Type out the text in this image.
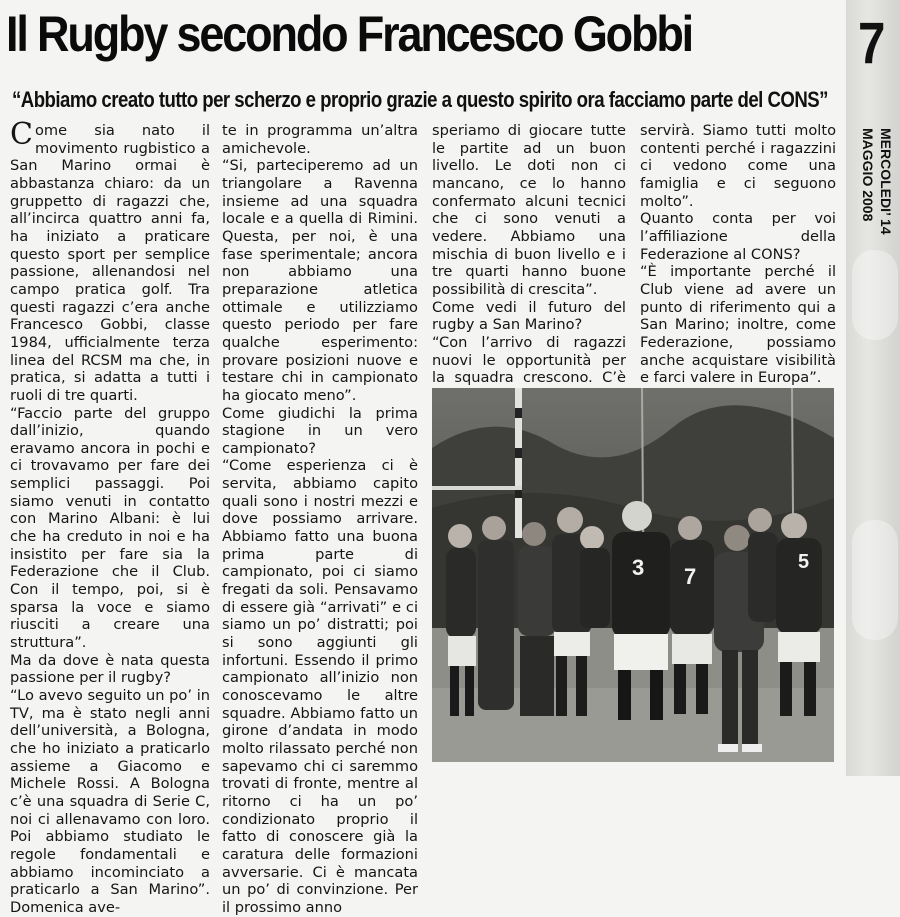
Il Rugby secondo Francesco Gobbi	7
MERCOLEDI’ 14
MAGGIO 2008
“Abbiamo creato tutto per scherzo e proprio grazie a questo spirito ora facciamo parte del CONS”

Come sia nato il movimento rugbistico a San Marino ormai è abbastanza chiaro: da un gruppetto di ragazzi che, all’incirca quattro anni fa, ha iniziato a praticare questo sport per semplice passione, allenandosi nel campo pratica golf. Tra questi ragazzi c’era anche Francesco Gobbi, classe 1984, ufficialmente terza linea del RCSM ma che, in pratica, si adatta a tutti i ruoli di tre quarti.

“Faccio parte del gruppo dall’inizio, quando eravamo ancora in pochi e ci trovavamo per fare dei semplici passaggi. Poi siamo venuti in contatto con Marino Albani: è lui che ha creduto in noi e ha insistito per fare sia la Federazione che il Club. Con il tempo, poi, si è sparsa la voce e siamo riusciti a creare una struttura”.

Ma da dove è nata questa passione per il rugby?

“Lo avevo seguito un po’ in TV, ma è stato negli anni dell’università, a Bologna, che ho iniziato a praticarlo assieme a Giacomo e Michele Rossi. A Bologna c’è una squadra di Serie C, noi ci allenavamo con loro. Poi abbiamo studiato le regole fondamentali e abbiamo incominciato a praticarlo a San Marino”. Domenica ave-

te in programma un’altra amichevole.

“Si, parteciperemo ad un triangolare a Ravenna insieme ad una squadra locale e a quella di Rimini. Questa, per noi, è una fase sperimentale; ancora non abbiamo una preparazione atletica ottimale e utilizziamo questo periodo per fare qualche esperimento: provare posizioni nuove e testare chi in campionato ha giocato meno”.

Come giudichi la prima stagione in un vero campionato?

“Come esperienza ci è servita, abbiamo capito quali sono i nostri mezzi e dove possiamo arrivare. Abbiamo fatto una buona prima parte di campionato, poi ci siamo fregati da soli. Pensavamo di essere già “arrivati” e ci siamo un po’ distratti; poi si sono aggiunti gli infortuni. Essendo il primo campionato all’inizio non conoscevamo le altre squadre. Abbiamo fatto un girone d’andata in modo molto rilassato perché non sapevamo chi ci saremmo trovati di fronte, mentre al ritorno ci ha un po’ condizionato proprio il fatto di conoscere già la caratura delle formazioni avversarie. Ci è mancata un po’ di convinzione. Per il prossimo anno

speriamo di giocare tutte le partite ad un buon livello. Le doti non ci mancano, ce lo hanno confermato alcuni tecnici che ci sono venuti a vedere. Abbiamo una mischia di buon livello e i tre quarti hanno buone possibilità di crescita”.

Come vedi il futuro del rugby a San Marino?

“Con l’arrivo di ragazzi nuovi le opportunità per la squadra crescono. C’è

servirà. Siamo tutti molto contenti perché i ragazzini ci vedono come una famiglia e ci seguono molto”.

Quanto conta per voi l’affiliazione della Federazione al CONS?

“È importante perché il Club viene ad avere un punto di riferimento qui a San Marino; inoltre, come Federazione, possiamo anche acquistare visibilità e farci valere in Europa”.

3 7
5
